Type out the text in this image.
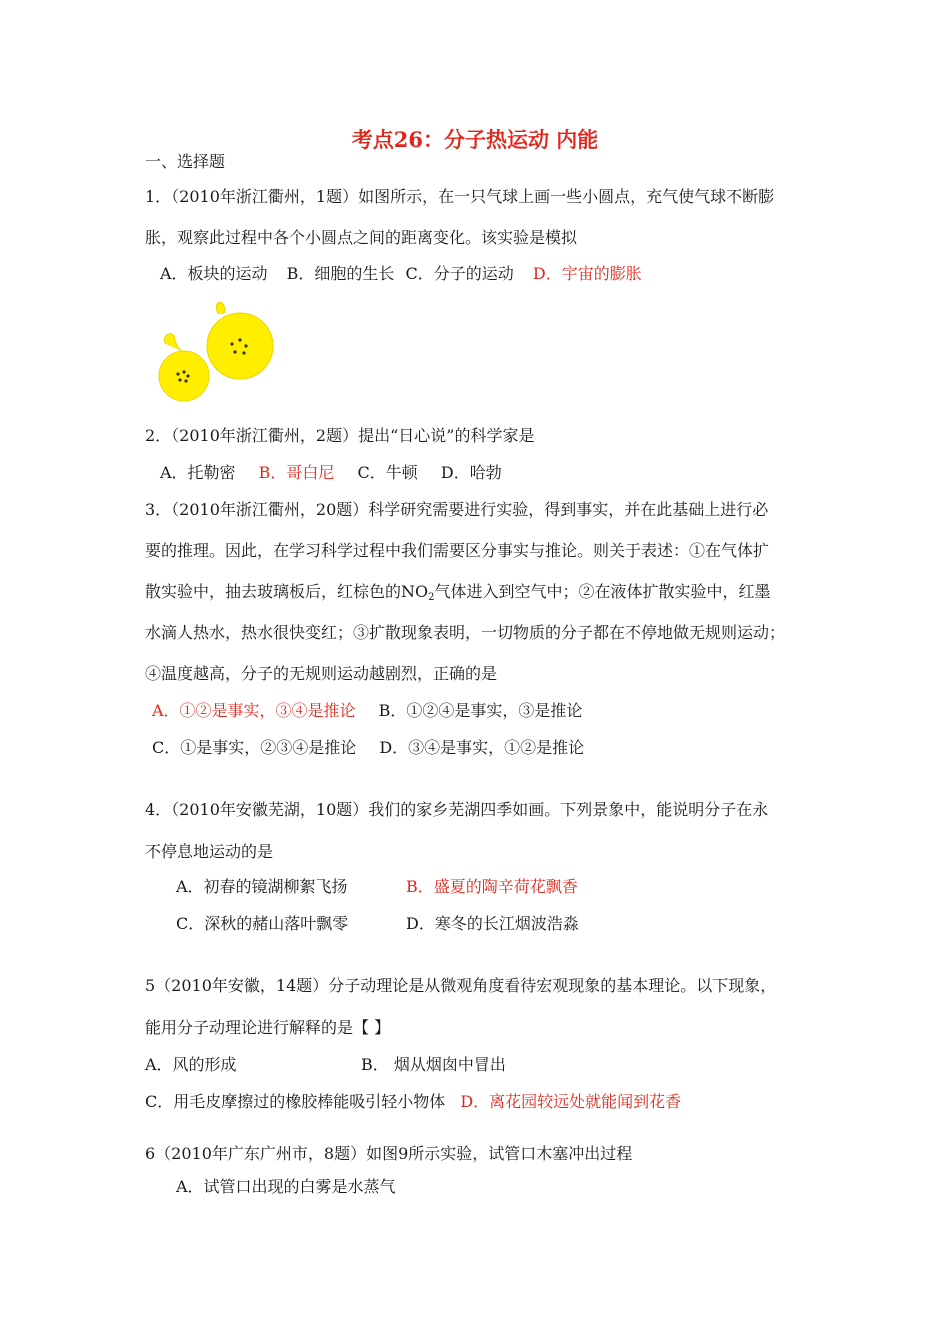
考点26：分子热运动 内能
一、选择题
1．（2010年浙江衢州，1题）如图所示，在一只气球上画一些小圆点，充气使气球不断膨
胀，观察此过程中各个小圆点之间的距离变化。该实验是模拟
A．板块的运动 B．细胞的生长 C．分子的运动 D．宇宙的膨胀
2．（2010年浙江衢州，2题）提出“日心说”的科学家是
A．托勒密 B．哥白尼 C．牛顿 D．哈勃
3．（2010年浙江衢州，20题）科学研究需要进行实验，得到事实，并在此基础上进行必
要的推理。因此，在学习科学过程中我们需要区分事实与推论。则关于表述：①在气体扩
散实验中，抽去玻璃板后，红棕色的$NO_2$气体进入到空气中；②在液体扩散实验中，红墨
水滴人热水，热水很快变红；③扩散现象表明，一切物质的分子都在不停地做无规则运动；
④温度越高，分子的无规则运动越剧烈，正确的是
A．①②是事实，③④是推论 B．①②④是事实，③是推论
C．①是事实，②③④是推论 D．③④是事实，①②是推论
4．（2010年安徽芜湖，10题）我们的家乡芜湖四季如画。下列景象中，能说明分子在永
不停息地运动的是
A．初春的镜湖柳絮飞扬	B．盛夏的陶辛荷花飘香
C．深秋的赭山落叶飘零	D．寒冬的长江烟波浩淼
5（2010年安徽，14题）分子动理论是从微观角度看待宏观现象的基本理论。以下现象，
能用分子动理论进行解释的是【 】
A．风的形成	B． 烟从烟囱中冒出
C．用毛皮摩擦过的橡胶棒能吸引轻小物体 D．离花园较远处就能闻到花香
6（2010年广东广州市，8题）如图9所示实验，试管口木塞冲出过程
A．试管口出现的白雾是水蒸气
